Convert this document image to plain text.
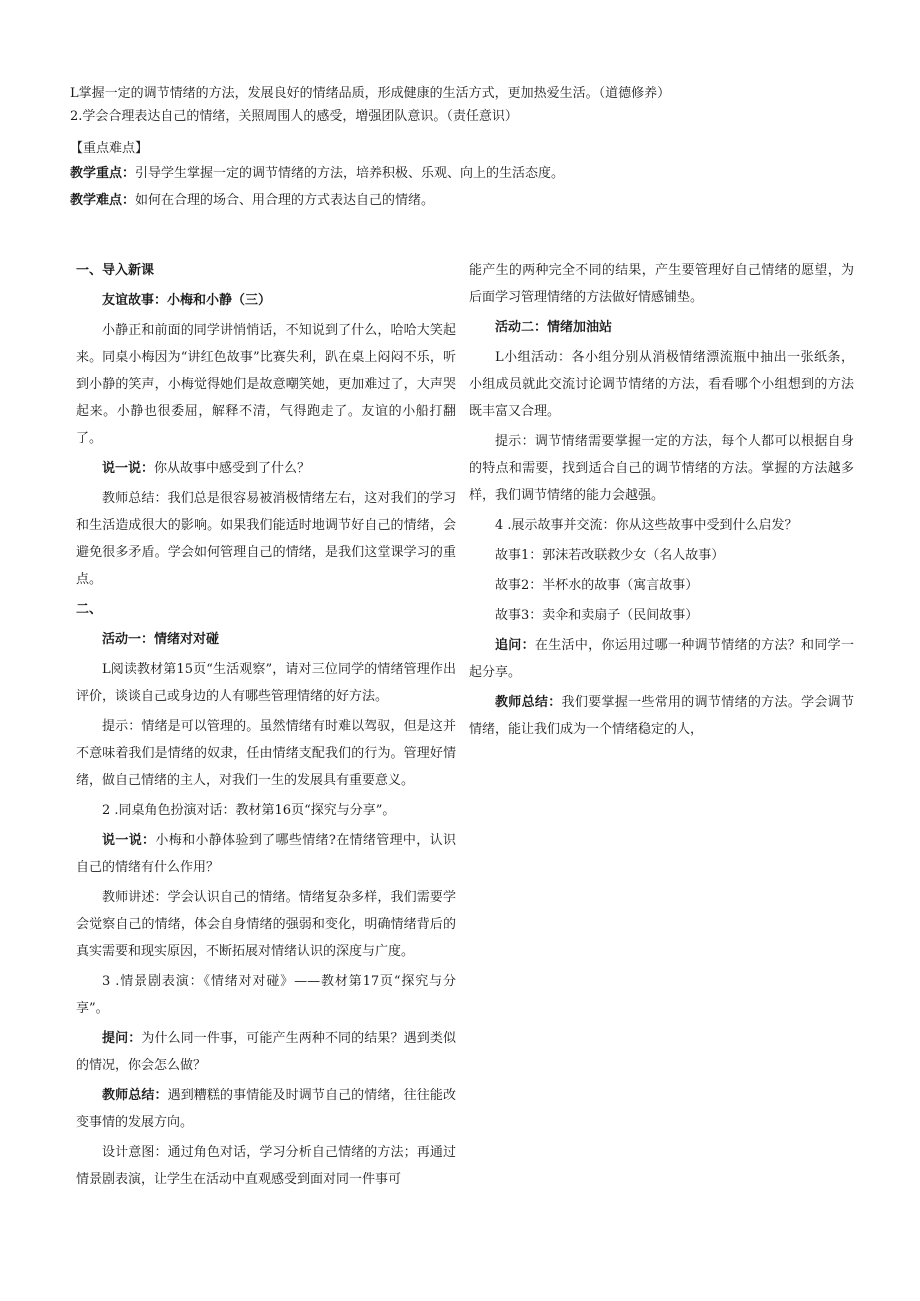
L掌握一定的调节情绪的方法，发展良好的情绪品质，形成健康的生活方式，更加热爱生活。（道德修养）

2.学会合理表达自己的情绪，关照周围人的感受，增强团队意识。（责任意识）

【重点难点】

教学重点：引导学生掌握一定的调节情绪的方法，培养积极、乐观、向上的生活态度。

教学难点：如何在合理的场合、用合理的方式表达自己的情绪。

一、导入新课

友谊故事：小梅和小静（三）

小静正和前面的同学讲悄悄话，不知说到了什么，哈哈大笑起来。同桌小梅因为“讲红色故事”比赛失利，趴在桌上闷闷不乐，听到小静的笑声，小梅觉得她们是故意嘲笑她，更加难过了，大声哭起来。小静也很委屈，解释不清，气得跑走了。友谊的小船打翻了。

说一说：你从故事中感受到了什么？

教师总结：我们总是很容易被消极情绪左右，这对我们的学习和生活造成很大的影响。如果我们能适时地调节好自己的情绪，会避免很多矛盾。学会如何管理自己的情绪，是我们这堂课学习的重点。

二、

活动一：情绪对对碰

L阅读教材第15页“生活观察”，请对三位同学的情绪管理作出评价，谈谈自己或身边的人有哪些管理情绪的好方法。

提示：情绪是可以管理的。虽然情绪有时难以驾驭，但是这并不意味着我们是情绪的奴隶，任由情绪支配我们的行为。管理好情绪，做自己情绪的主人，对我们一生的发展具有重要意义。

2 .同桌角色扮演对话：教材第16页“探究与分享”。

说一说：小梅和小静体验到了哪些情绪?在情绪管理中，认识自己的情绪有什么作用？

教师讲述：学会认识自己的情绪。情绪复杂多样，我们需要学会觉察自己的情绪，体会自身情绪的强弱和变化，明确情绪背后的真实需要和现实原因，不断拓展对情绪认识的深度与广度。

3 .情景剧表演：《情绪对对碰》——教材第17页“探究与分享”。

提问：为什么同一件事，可能产生两种不同的结果？遇到类似的情况，你会怎么做？

教师总结：遇到糟糕的事情能及时调节自己的情绪，往往能改变事情的发展方向。

设计意图：通过角色对话，学习分析自己情绪的方法；再通过情景剧表演，让学生在活动中直观感受到面对同一件事可

能产生的两种完全不同的结果，产生要管理好自己情绪的愿望，为后面学习管理情绪的方法做好情感铺垫。

活动二：情绪加油站

L小组活动：各小组分别从消极情绪漂流瓶中抽出一张纸条，小组成员就此交流讨论调节情绪的方法，看看哪个小组想到的方法既丰富又合理。

提示：调节情绪需要掌握一定的方法，每个人都可以根据自身的特点和需要，找到适合自己的调节情绪的方法。掌握的方法越多样，我们调节情绪的能力会越强。

4 .展示故事并交流：你从这些故事中受到什么启发？

故事1：郭沫若改联救少女（名人故事）

故事2：半杯水的故事（寓言故事）

故事3：卖伞和卖扇子（民间故事）

追问：在生活中，你运用过哪一种调节情绪的方法？和同学一起分享。

教师总结：我们要掌握一些常用的调节情绪的方法。学会调节情绪，能让我们成为一个情绪稳定的人，
